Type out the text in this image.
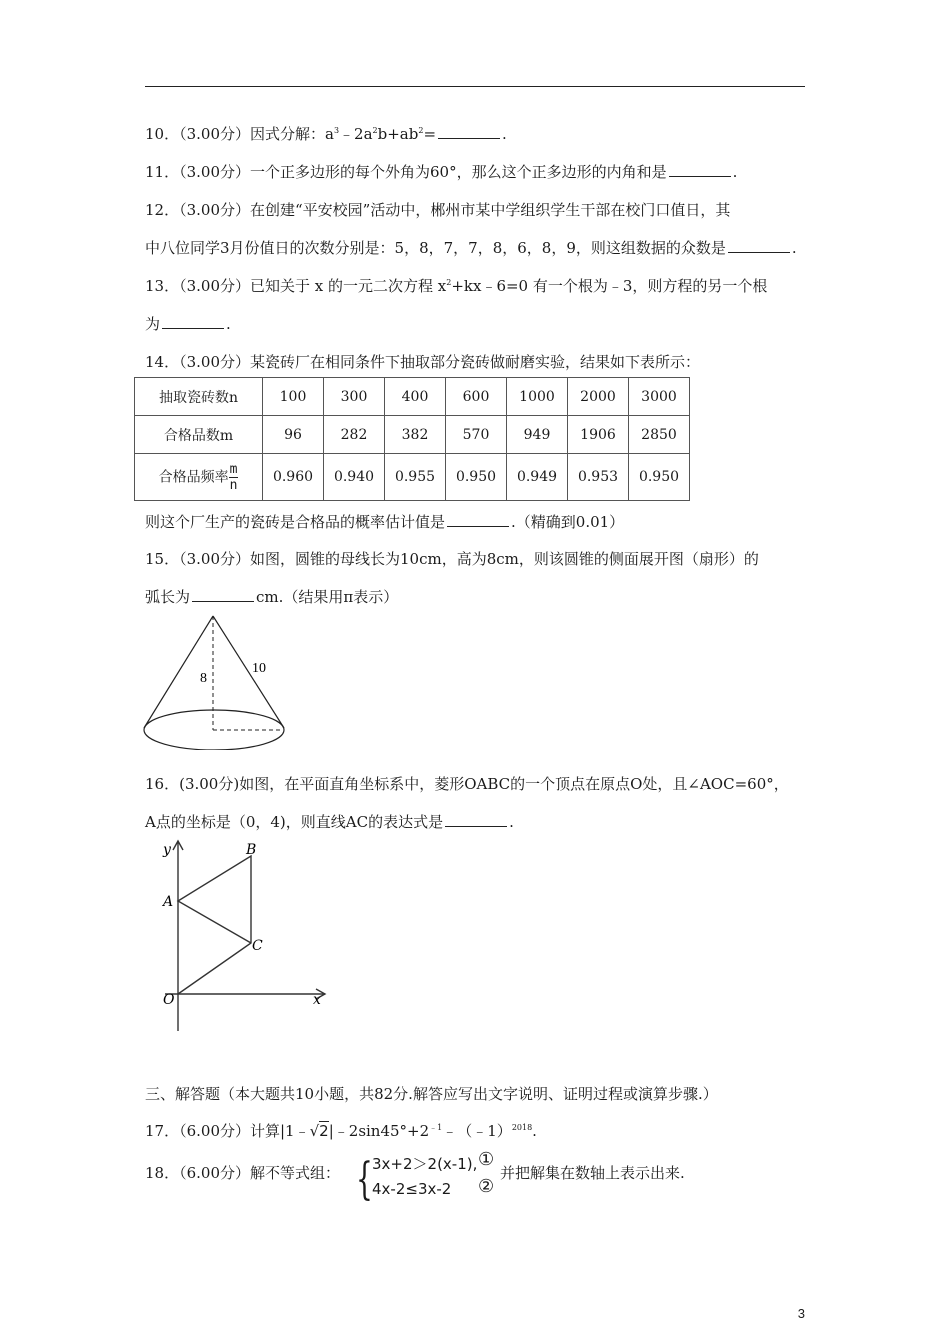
10．（3.00分）因式分解：$a^3﹣2a^2b+ab^2=$	.
11．（3.00分）一个正多边形的每个外角为60°，那么这个正多边形的内角和是	.
12．（3.00分）在创建“平安校园”活动中，郴州市某中学组织学生干部在校门口值日，其
中八位同学3月份值日的次数分别是：5，8，7，7，8，6，8，9，则这组数据的众数是	.
13．（3.00分）已知关于 x 的一元二次方程 $x^2+kx﹣6=0$ 有一个根为﹣3，则方程的另一个根
为	.
14．（3.00分）某瓷砖厂在相同条件下抽取部分瓷砖做耐磨实验，结果如下表所示：
抽取瓷砖数n	100	300	400	600	1000	2000	3000
合格品数m	96	282	382	570	949	1906	2850
合格品频率 $\frac{m}{n}$	0.960	0.940	0.955	0.950	0.949	0.953	0.950
则这个厂生产的瓷砖是合格品的概率估计值是	.（精确到0.01）
15．（3.00分）如图，圆锥的母线长为10cm，高为8cm，则该圆锥的侧面展开图（扇形）的
弧长为	cm.（结果用π表示）
8
10
16．(3.00分)如图，在平面直角坐标系中，菱形OABC的一个顶点在原点O处，且∠AOC=60°，
A点的坐标是（0，4)，则直线AC的表达式是	.
y
x
O
A
B
C
三、解答题（本大题共10小题，共82分.解答应写出文字说明、证明过程或演算步骤.）
17．（6.00分）计算$|1﹣√2|﹣2\sin 45^\circ+2^{﹣1}﹣(﹣1)^{2018}$.
18．（6.00分）解不等式组： { 3x+2＞2(x-1),
4x-2≤3x-2
①
②
并把解集在数轴上表示出来.
3
